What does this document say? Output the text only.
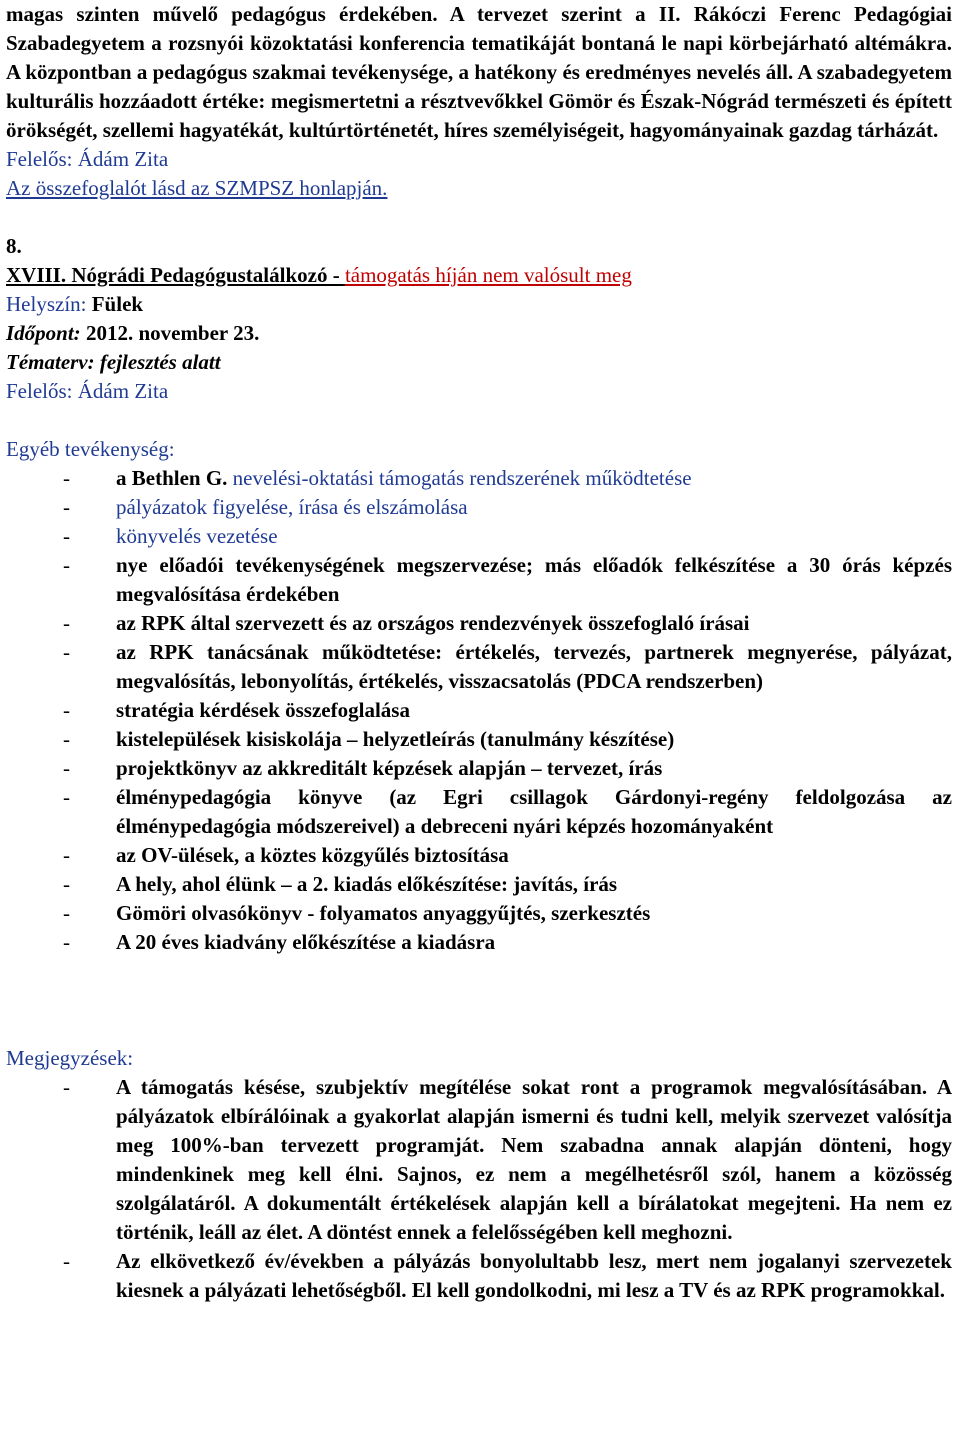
magas szinten művelő pedagógus érdekében. A tervezet szerint a II. Rákóczi Ferenc Pedagógiai Szabadegyetem a rozsnyói közoktatási konferencia tematikáját bontaná le napi körbejárható altémákra. A központban a pedagógus szakmai tevékenysége, a hatékony és eredményes nevelés áll. A szabadegyetem kulturális hozzáadott értéke: megismertetni a résztvevőkkel Gömör és Észak-Nógrád természeti és épített örökségét, szellemi hagyatékát, kultúrtörténetét, híres személyiségeit, hagyományainak gazdag tárházát.

Felelős: Ádám Zita

Az összefoglalót lásd az SZMPSZ honlapján.

8.

XVIII. Nógrádi Pedagógustalálkozó - támogatás híján nem valósult meg

Helyszín: Fülek

Időpont: 2012. november 23.

Tématerv: fejlesztés alatt

Felelős: Ádám Zita

Egyéb tevékenység:

- a Bethlen G. nevelési-oktatási támogatás rendszerének működtetése
- pályázatok figyelése, írása és elszámolása
- könyvelés vezetése
- nye előadói tevékenységének megszervezése; más előadók felkészítése a 30 órás képzés megvalósítása érdekében
- az RPK által szervezett és az országos rendezvények összefoglaló írásai
- az RPK tanácsának működtetése: értékelés, tervezés, partnerek megnyerése, pályázat, megvalósítás, lebonyolítás, értékelés, visszacsatolás (PDCA rendszerben)
- stratégia kérdések összefoglalása
- kistelepülések kisiskolája – helyzetleírás (tanulmány készítése)
- projektkönyv az akkreditált képzések alapján – tervezet, írás
- élménypedagógia könyve (az Egri csillagok Gárdonyi-regény feldolgozása az élménypedagógia módszereivel) a debreceni nyári képzés hozományaként
- az OV-ülések, a köztes közgyűlés biztosítása
- A hely, ahol élünk – a 2. kiadás előkészítése: javítás, írás
- Gömöri olvasókönyv - folyamatos anyaggyűjtés, szerkesztés
- A 20 éves kiadvány előkészítése a kiadásra

Megjegyzések:

- A támogatás késése, szubjektív megítélése sokat ront a programok megvalósításában. A pályázatok elbírálóinak a gyakorlat alapján ismerni és tudni kell, melyik szervezet valósítja meg 100%-ban tervezett programját. Nem szabadna annak alapján dönteni, hogy mindenkinek meg kell élni. Sajnos, ez nem a megélhetésről szól, hanem a közösség szolgálatáról. A dokumentált értékelések alapján kell a bírálatokat megejteni. Ha nem ez történik, leáll az élet. A döntést ennek a felelősségében kell meghozni.
- Az elkövetkező év/években a pályázás bonyolultabb lesz, mert nem jogalanyi szervezetek kiesnek a pályázati lehetőségből. El kell gondolkodni, mi lesz a TV és az RPK programokkal.
